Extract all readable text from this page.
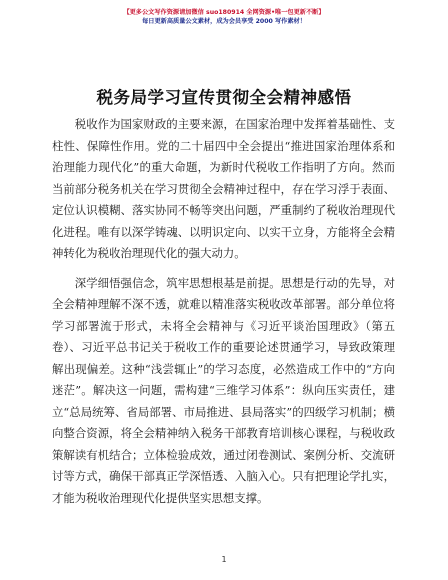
【更多公文写作资源请加微信 suo180914 全网资源•唯一包更新不断】
每日更新高质量公文素材，成为会员享受 2000 写作素材！
税务局学习宣传贯彻全会精神感悟

税收作为国家财政的主要来源，在国家治理中发挥着基础性、支柱性、保障性作用。党的二十届四中全会提出“推进国家治理体系和治理能力现代化”的重大命题，为新时代税收工作指明了方向。然而当前部分税务机关在学习贯彻全会精神过程中，存在学习浮于表面、定位认识模糊、落实协同不畅等突出问题，严重制约了税收治理现代化进程。唯有以深学铸魂、以明识定向、以实干立身，方能将全会精神转化为税收治理现代化的强大动力。

深学细悟强信念，筑牢思想根基是前提。思想是行动的先导，对全会精神理解不深不透，就难以精准落实税收改革部署。部分单位将学习部署流于形式，未将全会精神与《习近平谈治国理政》（第五卷）、习近平总书记关于税收工作的重要论述贯通学习，导致政策理解出现偏差。这种“浅尝辄止”的学习态度，必然造成工作中的“方向迷茫”。解决这一问题，需构建“三维学习体系”：纵向压实责任，建立“总局统筹、省局部署、市局推进、县局落实”的四级学习机制；横向整合资源，将全会精神纳入税务干部教育培训核心课程，与税收政策解读有机结合；立体检验成效，通过闭卷测试、案例分析、交流研讨等方式，确保干部真正学深悟透、入脑入心。只有把理论学扎实，才能为税收治理现代化提供坚实思想支撑。

1
